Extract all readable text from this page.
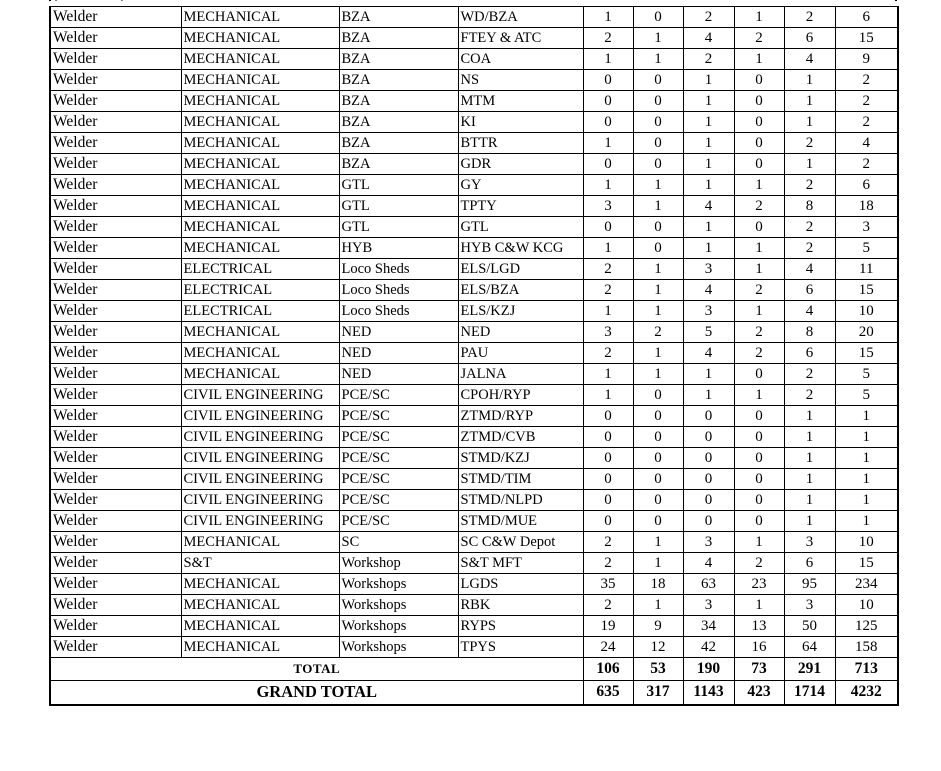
Welder	MECHANICAL	BZA	WD/BZA	1	0	2	1	2	6
Welder	MECHANICAL	BZA	FTEY & ATC	2	1	4	2	6	15
Welder	MECHANICAL	BZA	COA	1	1	2	1	4	9
Welder	MECHANICAL	BZA	NS	0	0	1	0	1	2
Welder	MECHANICAL	BZA	MTM	0	0	1	0	1	2
Welder	MECHANICAL	BZA	KI	0	0	1	0	1	2
Welder	MECHANICAL	BZA	BTTR	1	0	1	0	2	4
Welder	MECHANICAL	BZA	GDR	0	0	1	0	1	2
Welder	MECHANICAL	GTL	GY	1	1	1	1	2	6
Welder	MECHANICAL	GTL	TPTY	3	1	4	2	8	18
Welder	MECHANICAL	GTL	GTL	0	0	1	0	2	3
Welder	MECHANICAL	HYB	HYB C&W KCG	1	0	1	1	2	5
Welder	ELECTRICAL	Loco Sheds	ELS/LGD	2	1	3	1	4	11
Welder	ELECTRICAL	Loco Sheds	ELS/BZA	2	1	4	2	6	15
Welder	ELECTRICAL	Loco Sheds	ELS/KZJ	1	1	3	1	4	10
Welder	MECHANICAL	NED	NED	3	2	5	2	8	20
Welder	MECHANICAL	NED	PAU	2	1	4	2	6	15
Welder	MECHANICAL	NED	JALNA	1	1	1	0	2	5
Welder	CIVIL ENGINEERING	PCE/SC	CPOH/RYP	1	0	1	1	2	5
Welder	CIVIL ENGINEERING	PCE/SC	ZTMD/RYP	0	0	0	0	1	1
Welder	CIVIL ENGINEERING	PCE/SC	ZTMD/CVB	0	0	0	0	1	1
Welder	CIVIL ENGINEERING	PCE/SC	STMD/KZJ	0	0	0	0	1	1
Welder	CIVIL ENGINEERING	PCE/SC	STMD/TIM	0	0	0	0	1	1
Welder	CIVIL ENGINEERING	PCE/SC	STMD/NLPD	0	0	0	0	1	1
Welder	CIVIL ENGINEERING	PCE/SC	STMD/MUE	0	0	0	0	1	1
Welder	MECHANICAL	SC	SC C&W Depot	2	1	3	1	3	10
Welder	S&T	Workshop	S&T MFT	2	1	4	2	6	15
Welder	MECHANICAL	Workshops	LGDS	35	18	63	23	95	234
Welder	MECHANICAL	Workshops	RBK	2	1	3	1	3	10
Welder	MECHANICAL	Workshops	RYPS	19	9	34	13	50	125
Welder	MECHANICAL	Workshops	TPYS	24	12	42	16	64	158
TOTAL				106	53	190	73	291	713
GRAND TOTAL				635	317	1143	423	1714	4232
